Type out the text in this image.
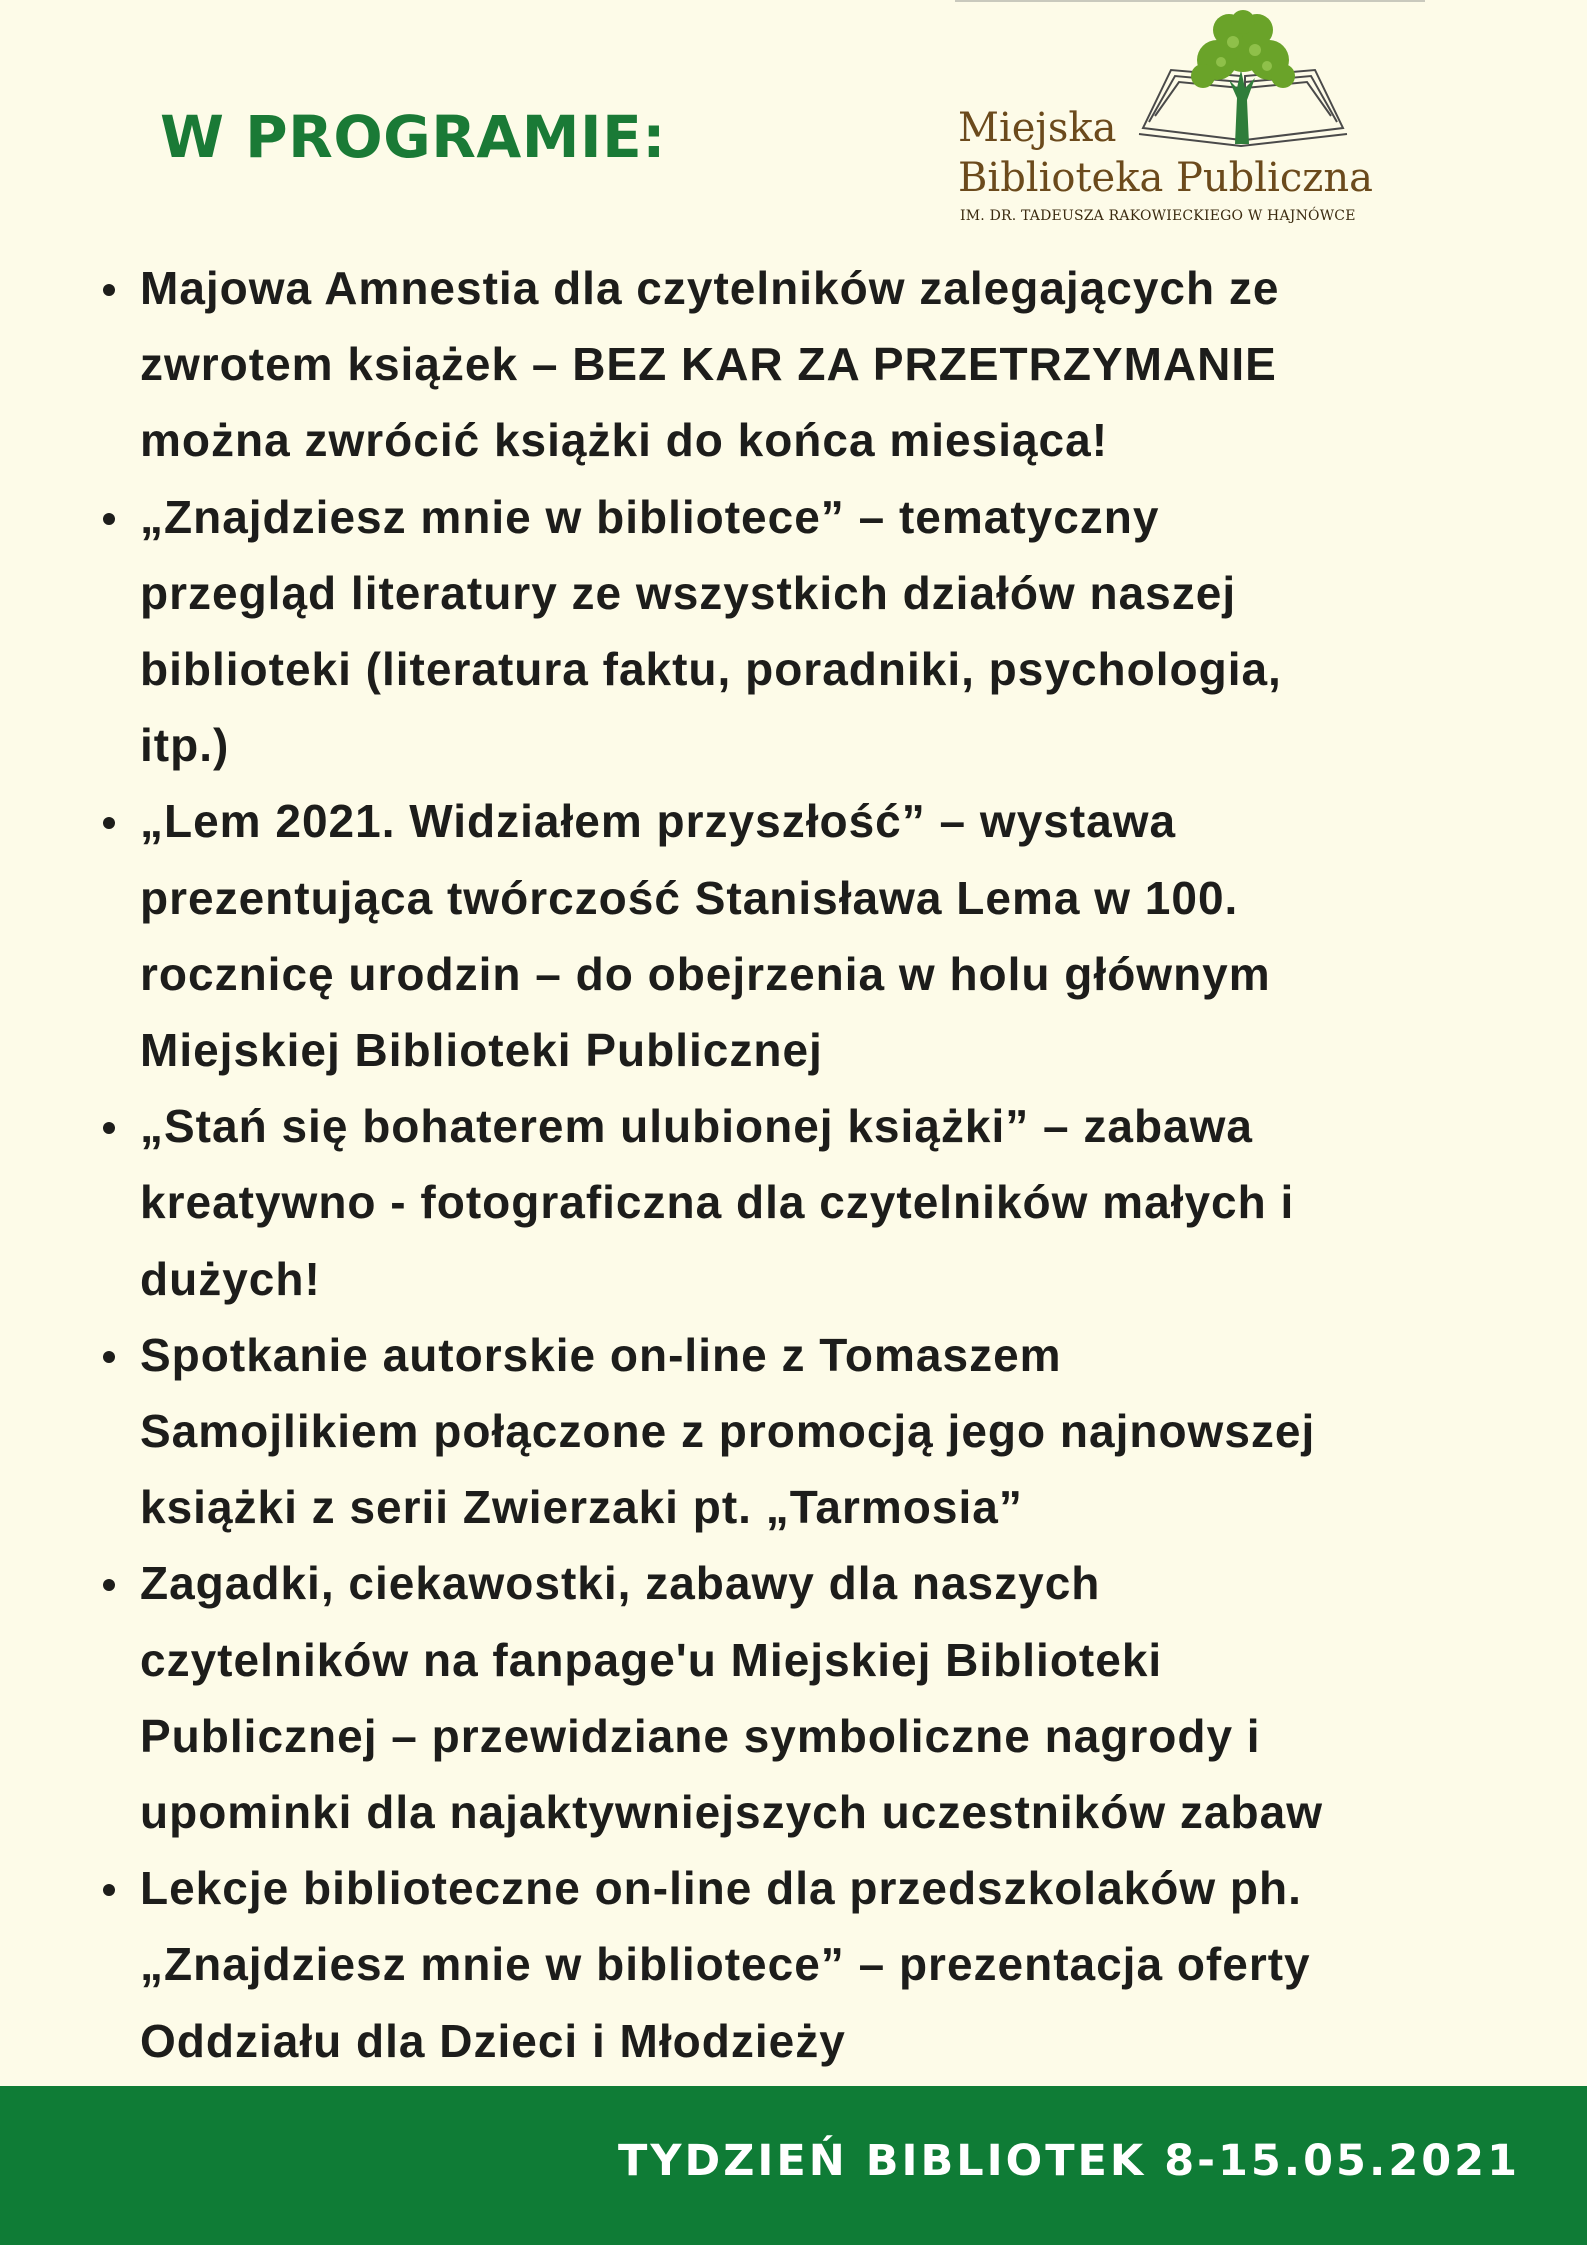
W PROGRAMIE:	Miejska
Biblioteka Publiczna
IM. DR. TADEUSZA RAKOWIECKIEGO W HAJNÓWCE
Majowa Amnestia dla czytelników zalegających ze
zwrotem książek – BEZ KAR ZA PRZETRZYMANIE
można zwrócić książki do końca miesiąca!
„Znajdziesz mnie w bibliotece” – tematyczny
przegląd literatury ze wszystkich działów naszej
biblioteki (literatura faktu, poradniki, psychologia,
itp.)
„Lem 2021. Widziałem przyszłość” – wystawa
prezentująca twórczość Stanisława Lema w 100.
rocznicę urodzin – do obejrzenia w holu głównym
Miejskiej Biblioteki Publicznej
„Stań się bohaterem ulubionej książki” – zabawa
kreatywno - fotograficzna dla czytelników małych i
dużych!
Spotkanie autorskie on-line z Tomaszem
Samojlikiem połączone z promocją jego najnowszej
książki z serii Zwierzaki pt. „Tarmosia”
Zagadki, ciekawostki, zabawy dla naszych
czytelników na fanpage'u Miejskiej Biblioteki
Publicznej – przewidziane symboliczne nagrody i
upominki dla najaktywniejszych uczestników zabaw
Lekcje biblioteczne on-line dla przedszkolaków ph.
„Znajdziesz mnie w bibliotece” – prezentacja oferty
Oddziału dla Dzieci i Młodzieży
TYDZIEŃ BIBLIOTEK 8-15.05.2021
